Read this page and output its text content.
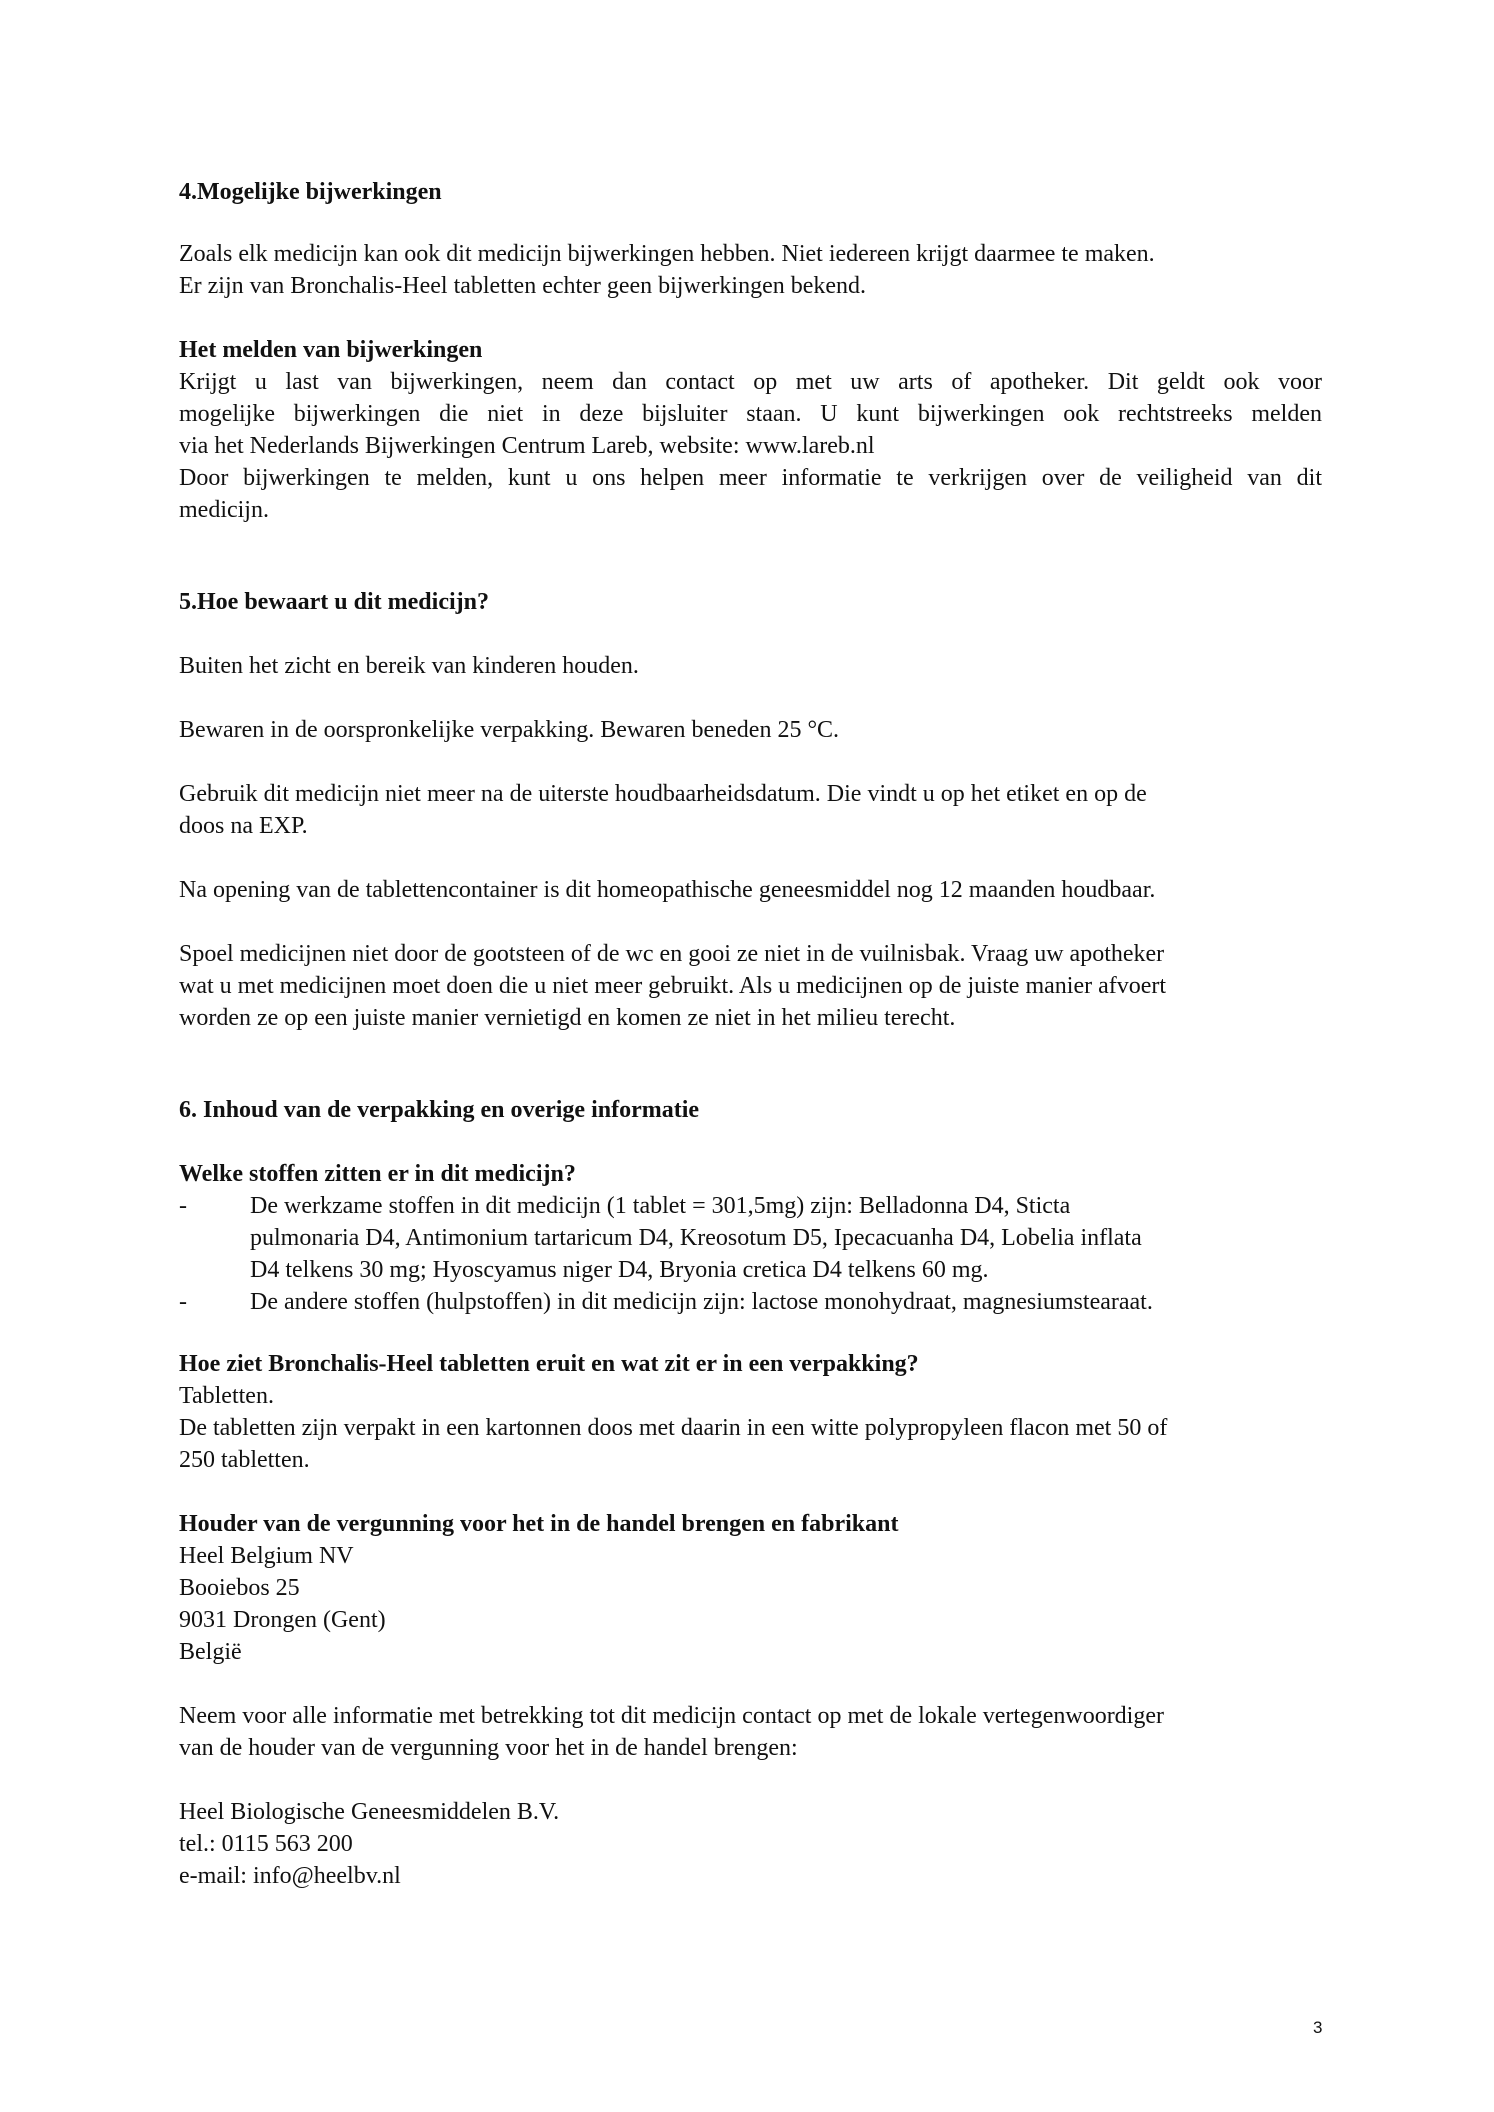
4.Mogelijke bijwerkingen
Zoals elk medicijn kan ook dit medicijn bijwerkingen hebben. Niet iedereen krijgt daarmee te maken.
Er zijn van Bronchalis-Heel tabletten echter geen bijwerkingen bekend.
Het melden van bijwerkingen
Krijgt u last van bijwerkingen, neem dan contact op met uw arts of apotheker. Dit geldt ook voor
mogelijke bijwerkingen die niet in deze bijsluiter staan. U kunt bijwerkingen ook rechtstreeks melden
via het Nederlands Bijwerkingen Centrum Lareb, website: www.lareb.nl
Door bijwerkingen te melden, kunt u ons helpen meer informatie te verkrijgen over de veiligheid van dit
medicijn.
5.Hoe bewaart u dit medicijn?
Buiten het zicht en bereik van kinderen houden.
Bewaren in de oorspronkelijke verpakking. Bewaren beneden 25 °C.
Gebruik dit medicijn niet meer na de uiterste houdbaarheidsdatum. Die vindt u op het etiket en op de
doos na EXP.
Na opening van de tablettencontainer is dit homeopathische geneesmiddel nog 12 maanden houdbaar.
Spoel medicijnen niet door de gootsteen of de wc en gooi ze niet in de vuilnisbak. Vraag uw apotheker
wat u met medicijnen moet doen die u niet meer gebruikt. Als u medicijnen op de juiste manier afvoert
worden ze op een juiste manier vernietigd en komen ze niet in het milieu terecht.
6. Inhoud van de verpakking en overige informatie
Welke stoffen zitten er in dit medicijn?
-	De werkzame stoffen in dit medicijn (1 tablet = 301,5mg) zijn: Belladonna D4, Sticta
pulmonaria D4, Antimonium tartaricum D4, Kreosotum D5, Ipecacuanha D4, Lobelia inflata
D4 telkens 30 mg; Hyoscyamus niger D4, Bryonia cretica D4 telkens 60 mg.
-	De andere stoffen (hulpstoffen) in dit medicijn zijn: lactose monohydraat, magnesiumstearaat.
Hoe ziet Bronchalis-Heel tabletten eruit en wat zit er in een verpakking?
Tabletten.
De tabletten zijn verpakt in een kartonnen doos met daarin in een witte polypropyleen flacon met 50 of
250 tabletten.
Houder van de vergunning voor het in de handel brengen en fabrikant
Heel Belgium NV
Booiebos 25
9031 Drongen (Gent)
België
Neem voor alle informatie met betrekking tot dit medicijn contact op met de lokale vertegenwoordiger
van de houder van de vergunning voor het in de handel brengen:
Heel Biologische Geneesmiddelen B.V.
tel.: 0115 563 200
e-mail: info@heelbv.nl
3
